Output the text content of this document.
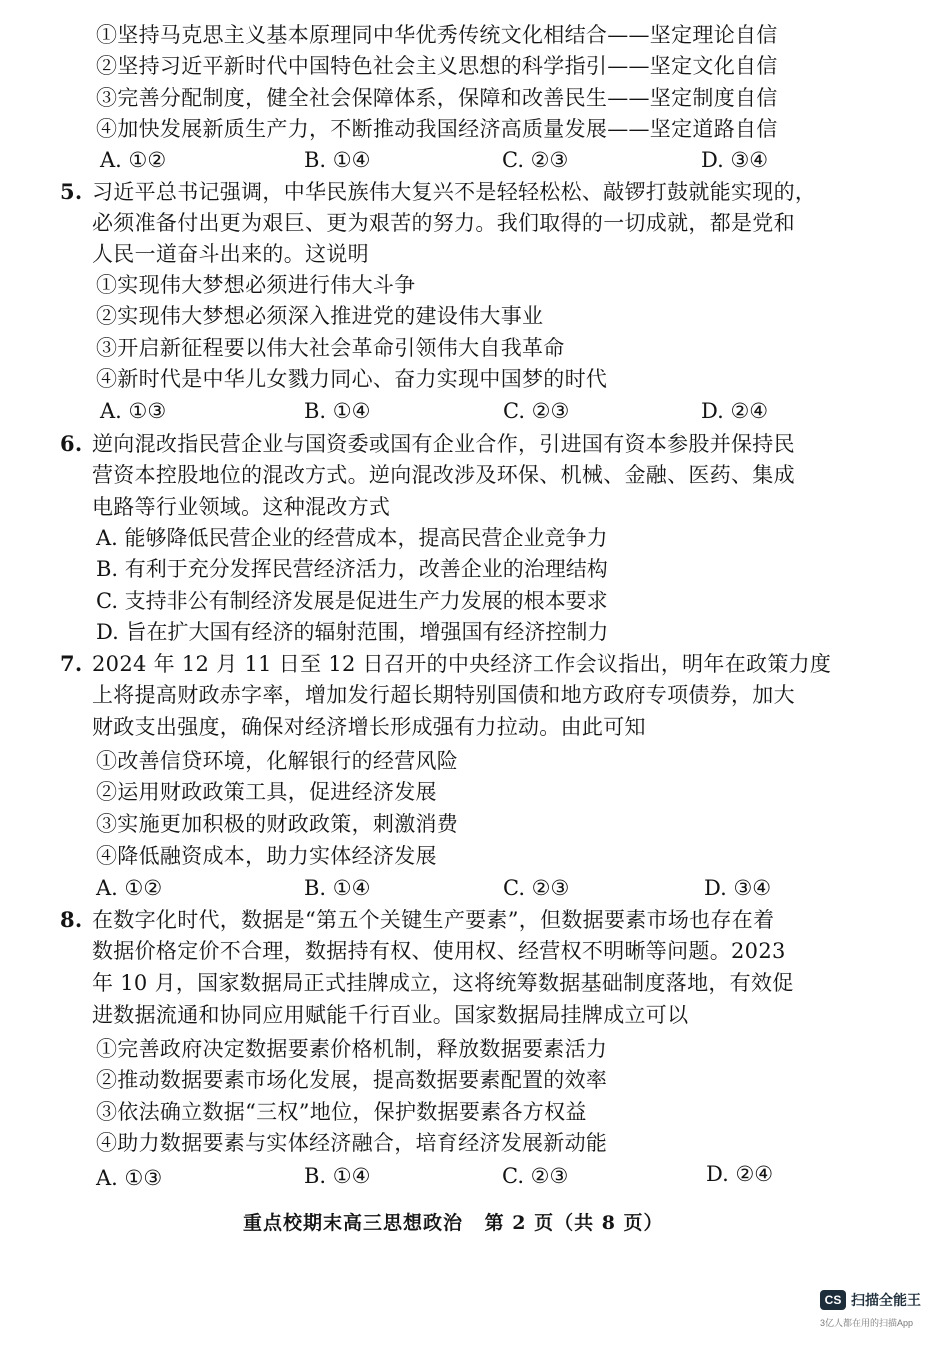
①坚持马克思主义基本原理同中华优秀传统文化相结合——坚定理论自信
②坚持习近平新时代中国特色社会主义思想的科学指引——坚定文化自信
③完善分配制度，健全社会保障体系，保障和改善民生——坚定制度自信
④加快发展新质生产力，不断推动我国经济高质量发展——坚定道路自信
A. ①②	B. ①④	C. ②③	D. ③④
5. 习近平总书记强调，中华民族伟大复兴不是轻轻松松、敲锣打鼓就能实现的，
必须准备付出更为艰巨、更为艰苦的努力。我们取得的一切成就，都是党和
人民一道奋斗出来的。这说明
①实现伟大梦想必须进行伟大斗争
②实现伟大梦想必须深入推进党的建设伟大事业
③开启新征程要以伟大社会革命引领伟大自我革命
④新时代是中华儿女戮力同心、奋力实现中国梦的时代
A. ①③	B. ①④	C. ②③	D. ②④
6. 逆向混改指民营企业与国资委或国有企业合作，引进国有资本参股并保持民
营资本控股地位的混改方式。逆向混改涉及环保、机械、金融、医药、集成
电路等行业领域。这种混改方式
A. 能够降低民营企业的经营成本，提高民营企业竞争力
B. 有利于充分发挥民营经济活力，改善企业的治理结构
C. 支持非公有制经济发展是促进生产力发展的根本要求
D. 旨在扩大国有经济的辐射范围，增强国有经济控制力
7. 2024 年 12 月 11 日至 12 日召开的中央经济工作会议指出，明年在政策力度
上将提高财政赤字率，增加发行超长期特别国债和地方政府专项债券，加大
财政支出强度，确保对经济增长形成强有力拉动。由此可知
①改善信贷环境，化解银行的经营风险
②运用财政政策工具，促进经济发展
③实施更加积极的财政政策，刺激消费
④降低融资成本，助力实体经济发展
A. ①②	B. ①④	C. ②③	D. ③④
8. 在数字化时代，数据是“第五个关键生产要素”，但数据要素市场也存在着
数据价格定价不合理，数据持有权、使用权、经营权不明晰等问题。2023
年 10 月，国家数据局正式挂牌成立，这将统筹数据基础制度落地，有效促
进数据流通和协同应用赋能千行百业。国家数据局挂牌成立可以
①完善政府决定数据要素价格机制，释放数据要素活力
②推动数据要素市场化发展，提高数据要素配置的效率
③依法确立数据“三权”地位，保护数据要素各方权益
④助力数据要素与实体经济融合，培育经济发展新动能
A. ①③	B. ①④	C. ②③	D. ②④
重点校期末高三思想政治 第 2 页（共 8 页）
CS 扫描全能王
3亿人都在用的扫描App
